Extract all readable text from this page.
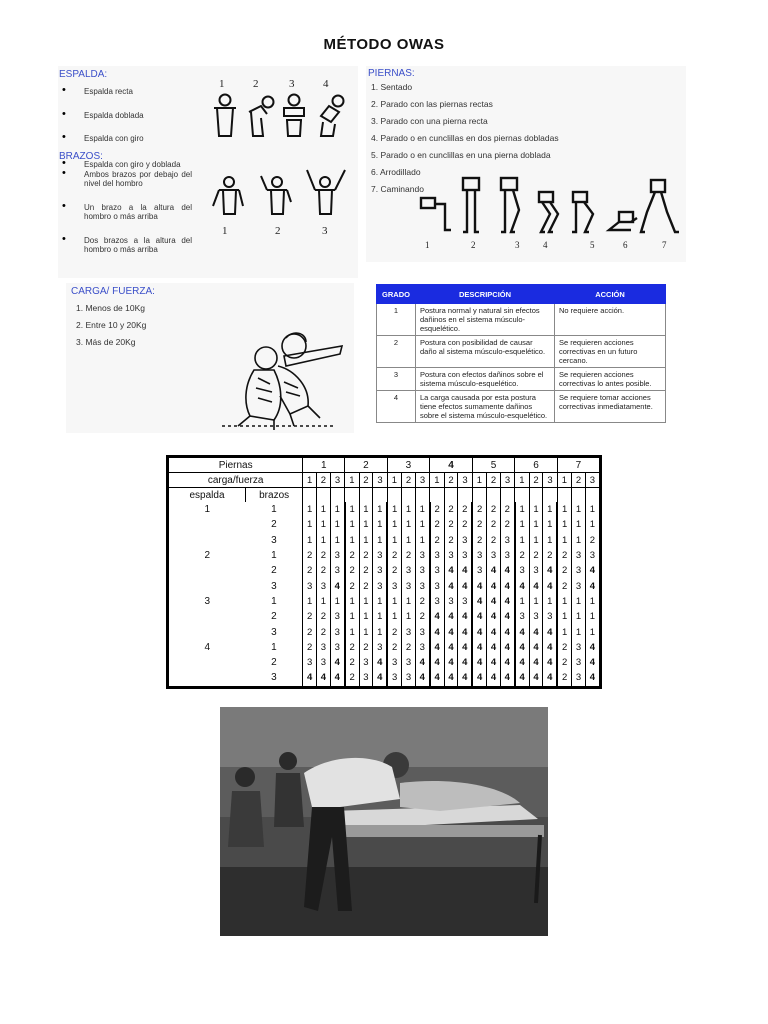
MÉTODO OWAS
ESPALDA:
• Espalda recta
• Espalda doblada
• Espalda con giro
BRAZOS:
• Espalda con giro y doblada
• Ambos brazos por debajo del nivel del hombro
• Un brazo a la altura del hombro o más arriba
• Dos brazos a la altura del hombro o más arriba
1	2	3	4
1	2	3
PIERNAS:
1. Sentado
2. Parado con las piernas rectas
3. Parado con una pierna recta
4. Parado o en cunclillas en dos piernas dobladas
5. Parado o en cunclillas en una pierna doblada
6. Arrodillado
7. Caminando
1	2	3	4	5	6	7
CARGA/ FUERZA:
1. Menos de 10Kg
2. Entre 10 y 20Kg
3. Más de 20Kg
GRADO	DESCRIPCIÓN	ACCIÓN
1	Postura normal y natural sin efectos dañinos en el sistema músculo-esquelético.	No requiere acción.
2	Postura con posibilidad de causar daño al sistema músculo-esquelético.	Se requieren acciones correctivas en un futuro cercano.
3	Postura con efectos dañinos sobre el sistema músculo-esquelético.	Se requieren acciones correctivas lo antes posible.
4	La carga causada por esta postura tiene efectos sumamente dañinos sobre el sistema músculo-esquelético.	Se requiere tomar acciones correctivas inmediatamente.
Piernas		1			2			3			4			5			6			7		
carga/fuerza		1	2	3	1	2	3	1	2	3	1	2	3	1	2	3	1	2	3	1	2	3
espalda	brazos																					
1	1	1	1	1	1	1	1	1	1	1	2	2	2	2	2	2	1	1	1	1	1	1
	2	1	1	1	1	1	1	1	1	1	2	2	2	2	2	2	1	1	1	1	1	1
	3	1	1	1	1	1	1	1	1	1	2	2	3	2	2	3	1	1	1	1	1	2
2	1	2	2	3	2	2	3	2	2	3	3	3	3	3	3	3	2	2	2	2	3	3
	2	2	2	3	2	2	3	2	3	3	3	4	4	3	4	4	3	3	4	2	3	4
	3	3	3	4	2	2	3	3	3	3	3	4	4	4	4	4	4	4	4	2	3	4
3	1	1	1	1	1	1	1	1	1	2	3	3	3	4	4	4	1	1	1	1	1	1
	2	2	2	3	1	1	1	1	1	2	4	4	4	4	4	4	3	3	3	1	1	1
	3	2	2	3	1	1	1	2	3	3	4	4	4	4	4	4	4	4	4	1	1	1
4	1	2	3	3	2	2	3	2	2	3	4	4	4	4	4	4	4	4	4	2	3	4
	2	3	3	4	2	3	4	3	3	4	4	4	4	4	4	4	4	4	4	2	3	4
	3	4	4	4	2	3	4	3	3	4	4	4	4	4	4	4	4	4	4	2	3	4
